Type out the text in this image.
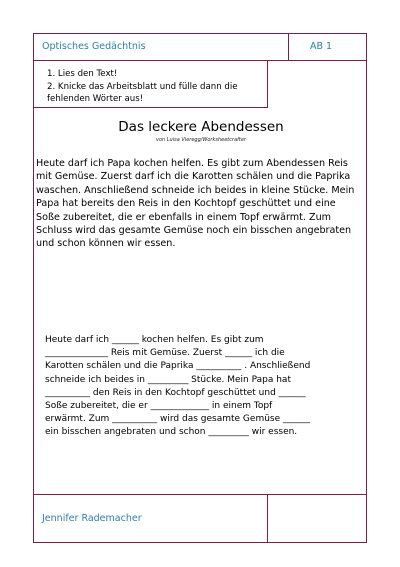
Optisches Gedächtnis	AB 1
1. Lies den Text!
2. Knicke das Arbeitsblatt und fülle dann die
fehlenden Wörter aus!
Das leckere Abendessen
von Luisa Vieregg/Worksheetcrafter
Heute darf ich Papa kochen helfen. Es gibt zum Abendessen Reis
mit Gemüse. Zuerst darf ich die Karotten schälen und die Paprika
waschen. Anschließend schneide ich beides in kleine Stücke. Mein
Papa hat bereits den Reis in den Kochtopf geschüttet und eine
Soße zubereitet, die er ebenfalls in einem Topf erwärmt. Zum
Schluss wird das gesamte Gemüse noch ein bisschen angebraten
und schon können wir essen.
Heute darf ich ______ kochen helfen. Es gibt zum
______________ Reis mit Gemüse. Zuerst ______ ich die
Karotten schälen und die Paprika __________ . Anschließend
schneide ich beides in _________ Stücke. Mein Papa hat
__________ den Reis in den Kochtopf geschüttet und ______
Soße zubereitet, die er _____________ in einem Topf
erwärmt. Zum __________ wird das gesamte Gemüse ______
ein bisschen angebraten und schon _________ wir essen.
Jennifer Rademacher
